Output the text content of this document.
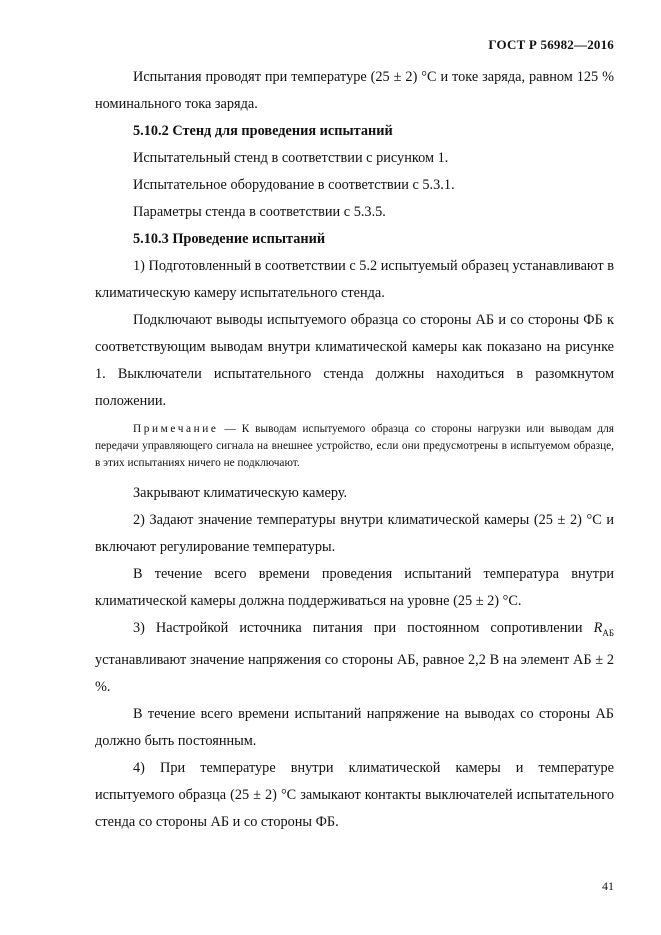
ГОСТ Р 56982—2016

Испытания проводят при температуре (25 ± 2) °С и токе заряда, равном 125 % номинального тока заряда.

5.10.2 Стенд для проведения испытаний

Испытательный стенд в соответствии с рисунком 1.

Испытательное оборудование в соответствии с 5.3.1.

Параметры стенда в соответствии с 5.3.5.

5.10.3 Проведение испытаний

1) Подготовленный в соответствии с 5.2 испытуемый образец устанавливают в климатическую камеру испытательного стенда.

Подключают выводы испытуемого образца со стороны АБ и со стороны ФБ к соответствующим выводам внутри климатической камеры как показано на рисунке 1. Выключатели испытательного стенда должны находиться в разомкнутом положении.

Примечание — К выводам испытуемого образца со стороны нагрузки или выводам для передачи управляющего сигнала на внешнее устройство, если они предусмотрены в испытуемом образце, в этих испытаниях ничего не подключают.

Закрывают климатическую камеру.

2) Задают значение температуры внутри климатической камеры (25 ± 2) °С и включают регулирование температуры.

В течение всего времени проведения испытаний температура внутри климатической камеры должна поддерживаться на уровне (25 ± 2) °С.

3) Настройкой источника питания при постоянном сопротивлении $R_{АБ}$ устанавливают значение напряжения со стороны АБ, равное 2,2 В на элемент АБ ± 2 %.

В течение всего времени испытаний напряжение на выводах со стороны АБ должно быть постоянным.

4) При температуре внутри климатической камеры и температуре испытуемого образца (25 ± 2) °С замыкают контакты выключателей испытательного стенда со стороны АБ и со стороны ФБ.

41
